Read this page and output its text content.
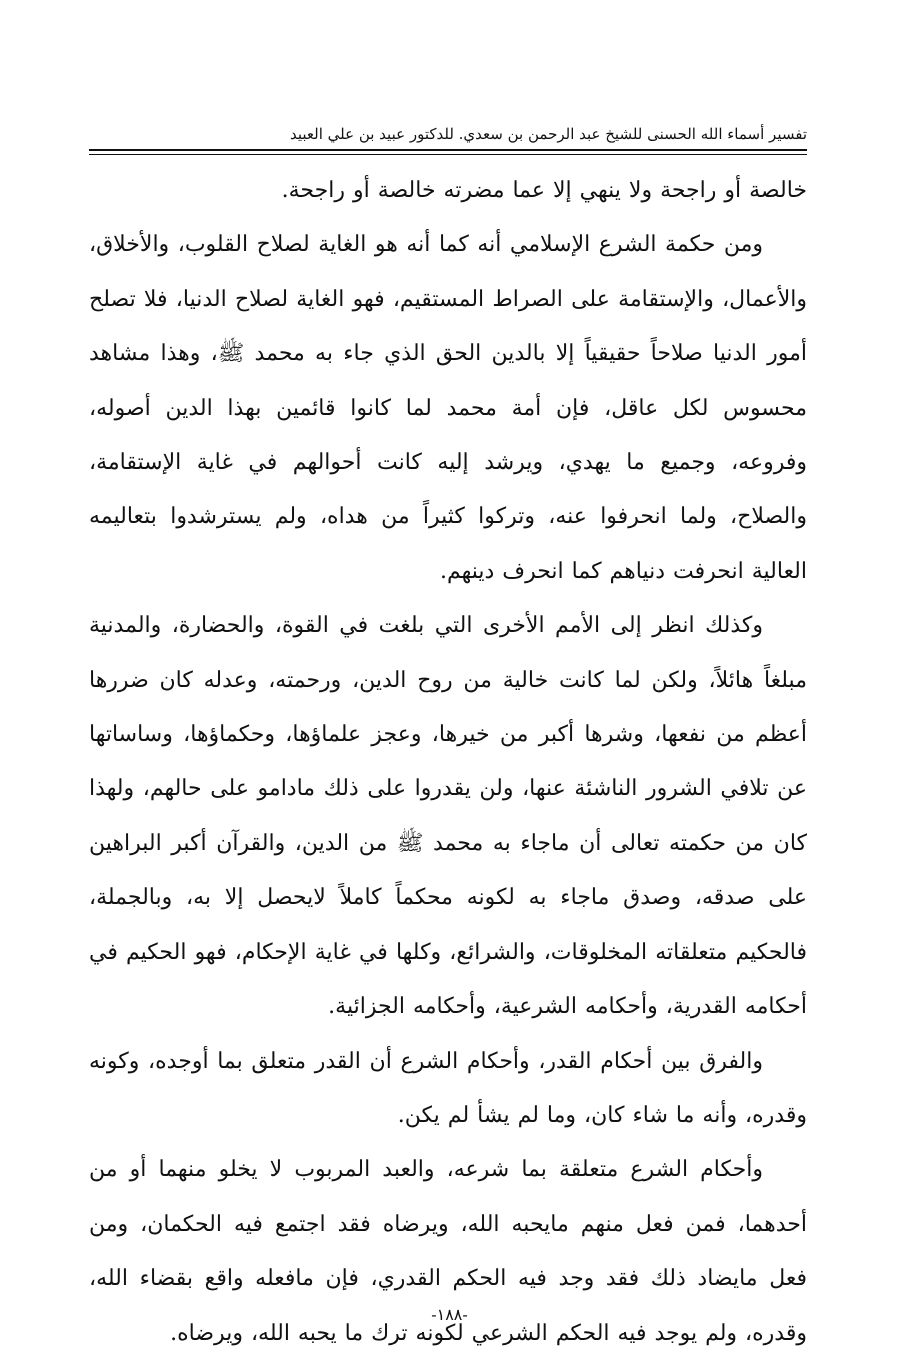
تفسير أسماء الله الحسنى للشيخ عبد الرحمن بن سعدي. للدكتور عبيد بن علي العبيد

خالصة أو راجحة ولا ينهي إلا عما مضرته خالصة أو راجحة.

ومن حكمة الشرع الإسلامي أنه كما أنه هو الغاية لصلاح القلوب، والأخلاق، والأعمال، والإستقامة على الصراط المستقيم، فهو الغاية لصلاح الدنيا، فلا تصلح أمور الدنيا صلاحاً حقيقياً إلا بالدين الحق الذي جاء به محمد ﷺ، وهذا مشاهد محسوس لكل عاقل، فإن أمة محمد لما كانوا قائمين بهذا الدين أصوله، وفروعه، وجميع ما يهدي، ويرشد إليه كانت أحوالهم في غاية الإستقامة، والصلاح، ولما انحرفوا عنه، وتركوا كثيراً من هداه، ولم يسترشدوا بتعاليمه العالية انحرفت دنياهم كما انحرف دينهم.

وكذلك انظر إلى الأمم الأخرى التي بلغت في القوة، والحضارة، والمدنية مبلغاً هائلاً، ولكن لما كانت خالية من روح الدين، ورحمته، وعدله كان ضررها أعظم من نفعها، وشرها أكبر من خيرها، وعجز علماؤها، وحكماؤها، وساساتها عن تلافي الشرور الناشئة عنها، ولن يقدروا على ذلك مادامو على حالهم، ولهذا كان من حكمته تعالى أن ماجاء به محمد ﷺ من الدين، والقرآن أكبر البراهين على صدقه، وصدق ماجاء به لكونه محكماً كاملاً لايحصل إلا به، وبالجملة، فالحكيم متعلقاته المخلوقات، والشرائع، وكلها في غاية الإحكام، فهو الحكيم في أحكامه القدرية، وأحكامه الشرعية، وأحكامه الجزائية.

والفرق بين أحكام القدر، وأحكام الشرع أن القدر متعلق بما أوجده، وكونه وقدره، وأنه ما شاء كان، وما لم يشأ لم يكن.

وأحكام الشرع متعلقة بما شرعه، والعبد المربوب لا يخلو منهما أو من أحدهما، فمن فعل منهم مايحبه الله، ويرضاه فقد اجتمع فيه الحكمان، ومن فعل مايضاد ذلك فقد وجد فيه الحكم القدري، فإن مافعله واقع بقضاء الله، وقدره، ولم يوجد فيه الحكم الشرعي لكونه ترك ما يحبه الله، ويرضاه.

-١٨٨-
